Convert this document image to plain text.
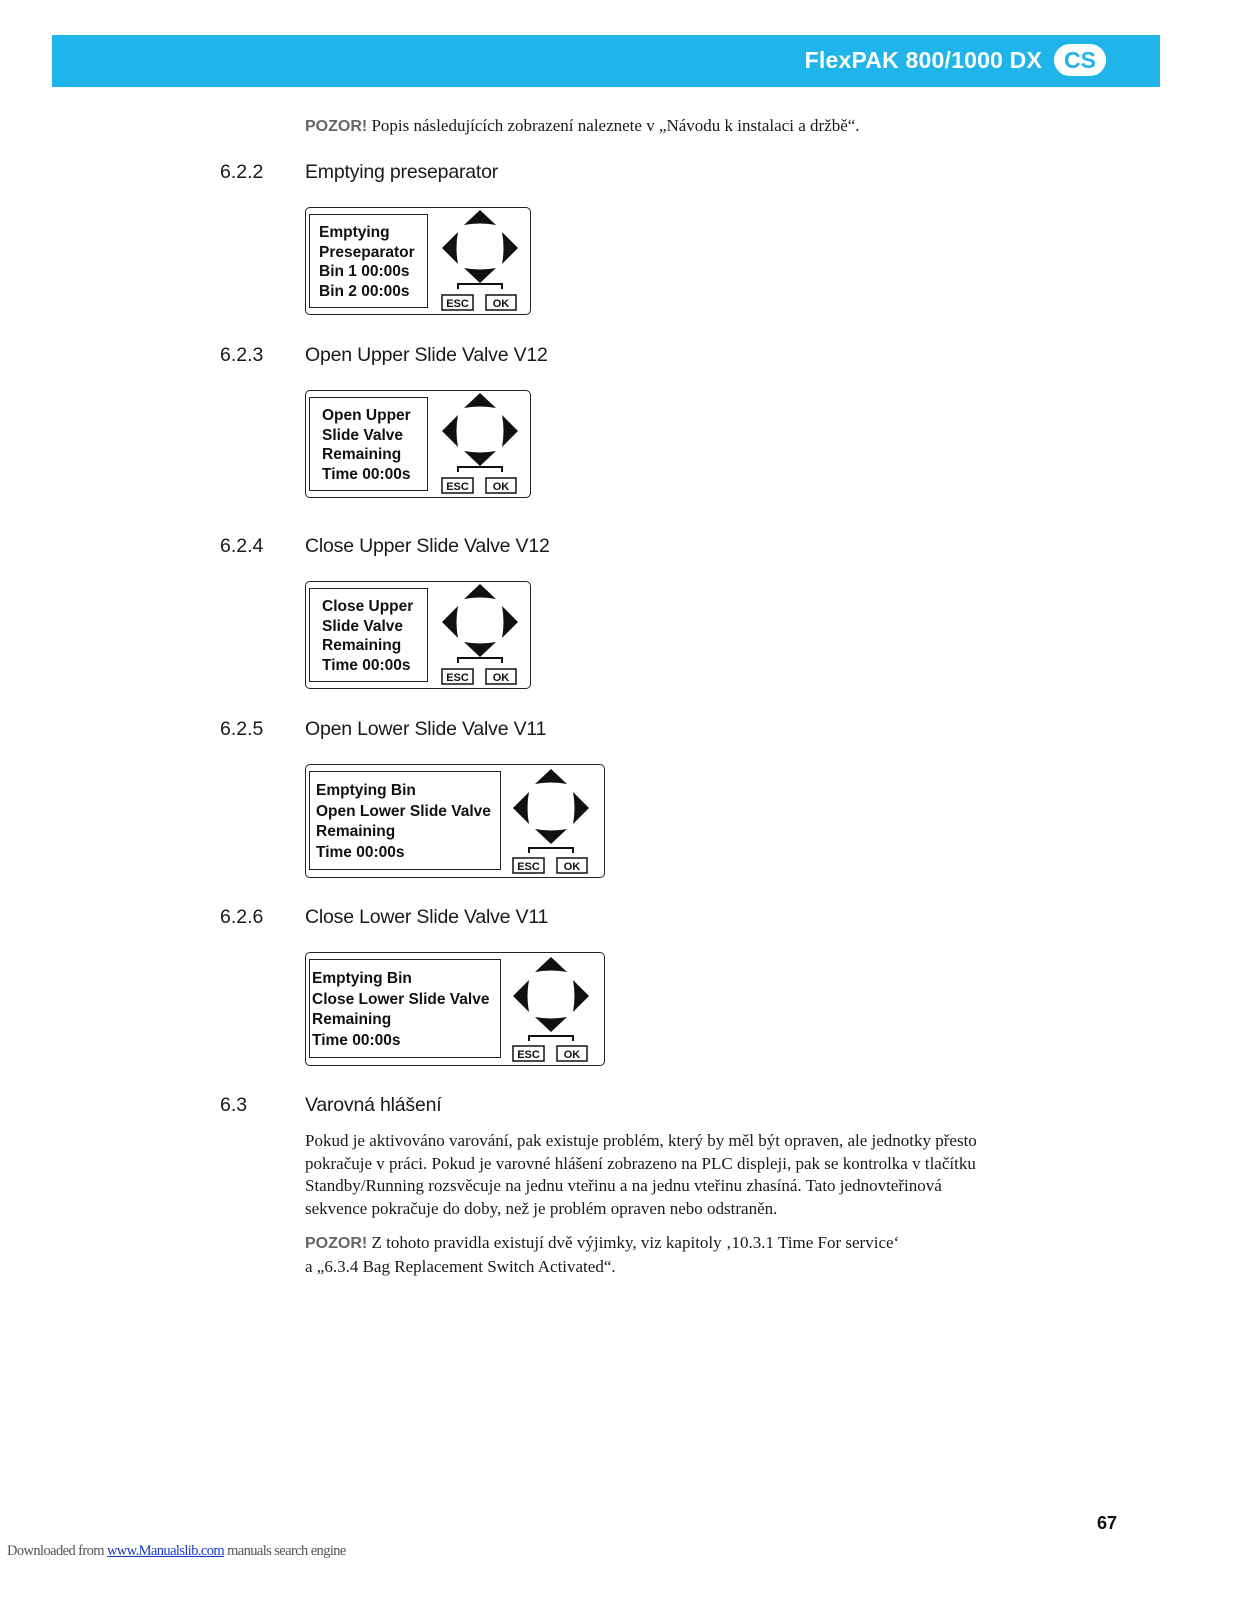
FlexPAK 800/1000 DX CS
POZOR! Popis následujících zobrazení naleznete v „Návodu k instalaci a držbě“.
6.2.2 Emptying preseparator
Emptying
Preseparator
Bin 1 00:00s
Bin 2 00:00s
ESC OK
6.2.3 Open Upper Slide Valve V12
Open Upper
Slide Valve
Remaining
Time 00:00s
ESC OK
6.2.4 Close Upper Slide Valve V12
Close Upper
Slide Valve
Remaining
Time 00:00s
ESC OK
6.2.5 Open Lower Slide Valve V11
Emptying Bin
Open Lower Slide Valve
Remaining
Time 00:00s
ESC OK
6.2.6 Close Lower Slide Valve V11
Emptying Bin
Close Lower Slide Valve
Remaining
Time 00:00s
ESC OK
6.3	Varovná hlášení
Pokud je aktivováno varování, pak existuje problém, který by měl být opraven, ale jednotky přesto
pokračuje v práci. Pokud je varovné hlášení zobrazeno na PLC displeji, pak se kontrolka v tlačítku
Standby/Running rozsvěcuje na jednu vteřinu a na jednu vteřinu zhasíná. Tato jednovteřinová
sekvence pokračuje do doby, než je problém opraven nebo odstraněn.
POZOR! Z tohoto pravidla existují dvě výjimky, viz kapitoly ‚10.3.1 Time For service‘
a „6.3.4 Bag Replacement Switch Activated“.
67
Downloaded from www.Manualslib.com manuals search engine
